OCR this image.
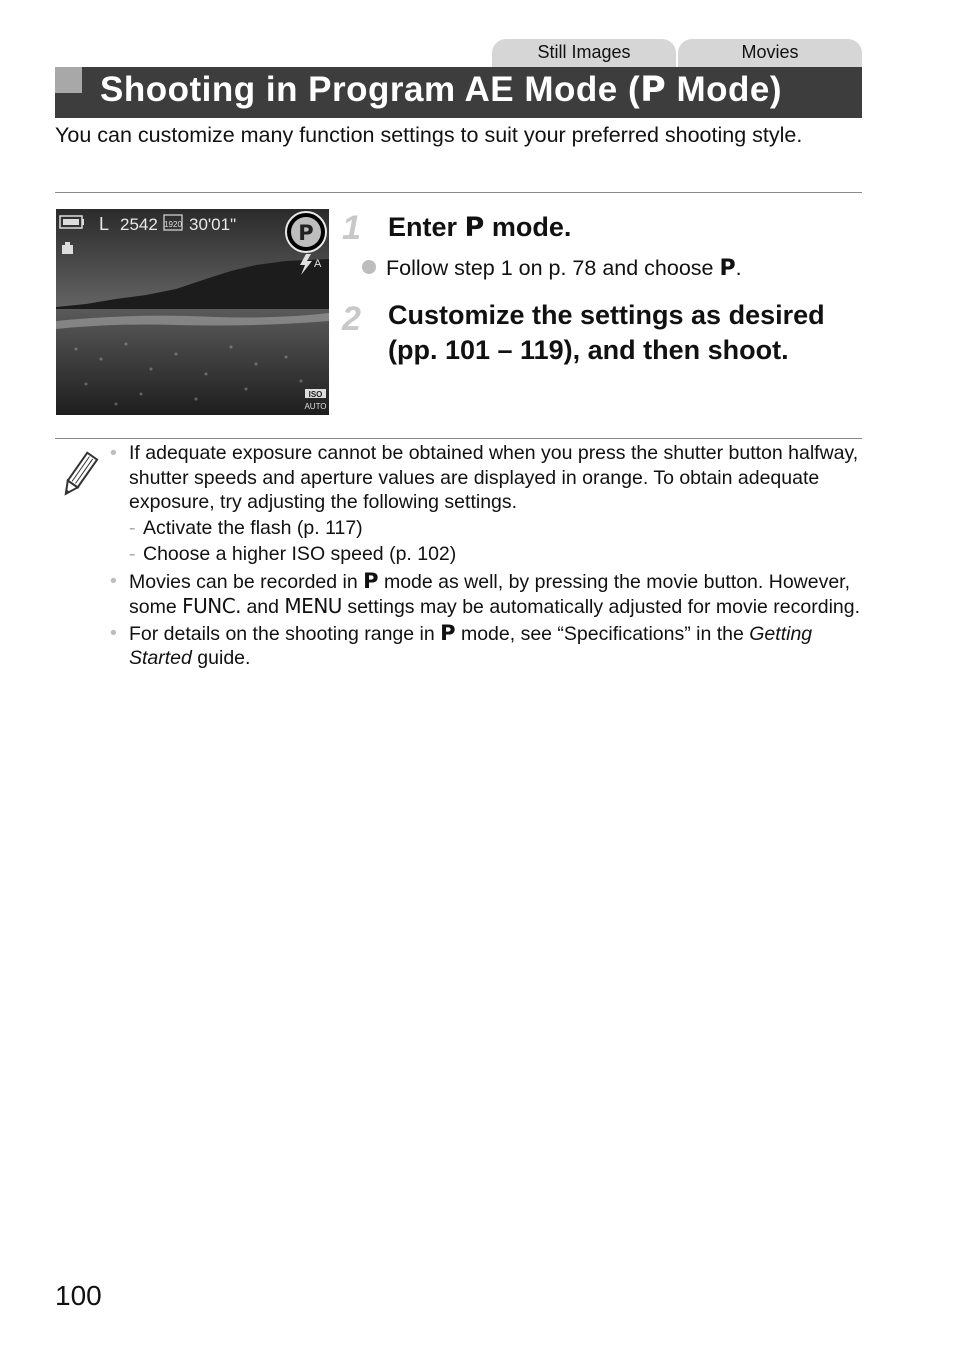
Still Images	Movies
Shooting in Program AE Mode (P Mode)
You can customize many function settings to suit your preferred shooting style.
1920
L 2542 30'01"	P
A
ISO
AUTO
1 Enter P mode.
Follow step 1 on p. 78 and choose P.
2 Customize the settings as desired (pp. 101 – 119), and then shoot.
• If adequate exposure cannot be obtained when you press the shutter button halfway, shutter speeds and aperture values are displayed in orange. To obtain adequate exposure, try adjusting the following settings.
- Activate the flash (p. 117)
- Choose a higher ISO speed (p. 102)
• Movies can be recorded in P mode as well, by pressing the movie button. However, some FUNC. and MENU settings may be automatically adjusted for movie recording.
• For details on the shooting range in P mode, see “Specifications” in the Getting Started guide.
100
